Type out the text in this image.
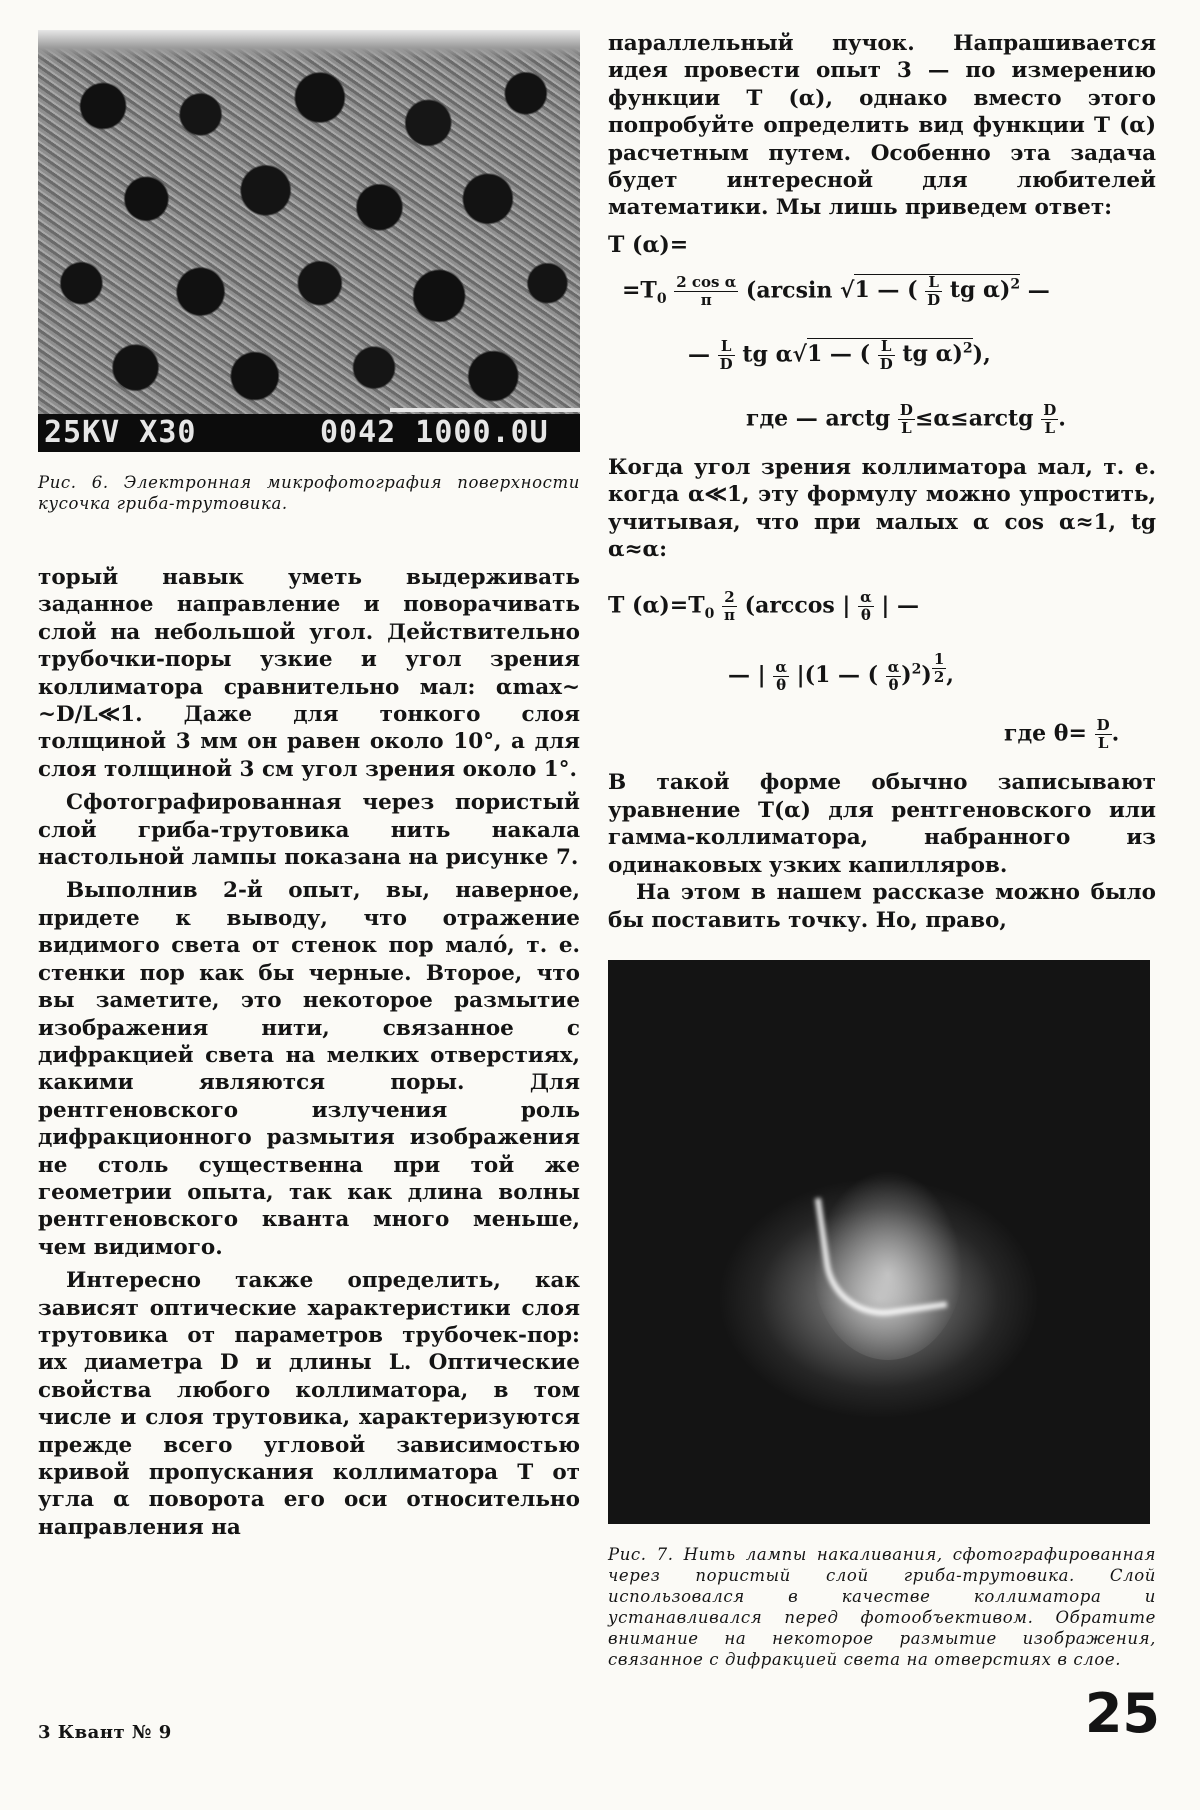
25KV X30	0042 1000.0U

Рис. 6. Электронная микрофотография поверхности кусочка гриба-трутовика.

торый навык уметь выдерживать заданное направление и поворачивать слой на небольшой угол. Действительно трубочки-поры узкие и угол зрения коллиматора сравнительно мал: αmax~ ~D/L≪1. Даже для тонкого слоя толщиной 3 мм он равен около 10°, а для слоя толщиной 3 см угол зрения около 1°.

Сфотографированная через пористый слой гриба-трутовика нить накала настольной лампы показана на рисунке 7.

Выполнив 2-й опыт, вы, наверное, придете к выводу, что отражение видимого света от стенок пор мало́, т. е. стенки пор как бы черные. Второе, что вы заметите, это некоторое размытие изображения нити, связанное с дифракцией света на мелких отверстиях, какими являются поры. Для рентгеновского излучения роль дифракционного размытия изображения не столь существенна при той же геометрии опыта, так как длина волны рентгеновского кванта много меньше, чем видимого.

Интересно также определить, как зависят оптические характеристики слоя трутовика от параметров трубочек-пор: их диаметра D и длины L. Оптические свойства любого коллиматора, в том числе и слоя трутовика, характеризуются прежде всего угловой зависимостью кривой пропускания коллиматора T от угла α поворота его оси относительно направления на

параллельный пучок. Напрашивается идея провести опыт 3 — по измерению функции T (α), однако вместо этого попробуйте определить вид функции T (α) расчетным путем. Особенно эта задача будет интересной для любителей математики. Мы лишь приведем ответ:

T (α)=
$=T_0 \frac{\text{2 cos α}}{\pi} (\arcsin$ √1 — ( $\frac{L}{D}$ tg α)$^2$ —
— $\frac{L}{D}$ tg α√1 — ( $\frac{L}{D}$ tg α)$^2$),
где — arctg $\frac{D}{L}$ ≤α≤arctg $\frac{D}{L}$ .

Когда угол зрения коллиматора мал, т. е. когда α≪1, эту формулу можно упростить, учитывая, что при малых α cos α≈1, tg α≈α:

T $(\alpha)=T_0 \frac{2}{\pi} (\arccos$ | $\frac{\alpha}{\theta}$ | —
— | $\frac{\alpha}{\theta} |(1$ — ( $\frac{\alpha}{\theta} )^2$) $^{\frac{1}{2}}$ ,
где $\theta= \frac{D}{L}$ .

В такой форме обычно записывают уравнение T(α) для рентгеновского или гамма-коллиматора, набранного из одинаковых узких капилляров.

На этом в нашем рассказе можно было бы поставить точку. Но, право,

Рис. 7. Нить лампы накаливания, сфотографированная через пористый слой гриба-трутовика. Слой использовался в качестве коллиматора и устанавливался перед фотообъективом. Обратите внимание на некоторое размытие изображения, связанное с дифракцией света на отверстиях в слое.

3 Квант № 9	25
